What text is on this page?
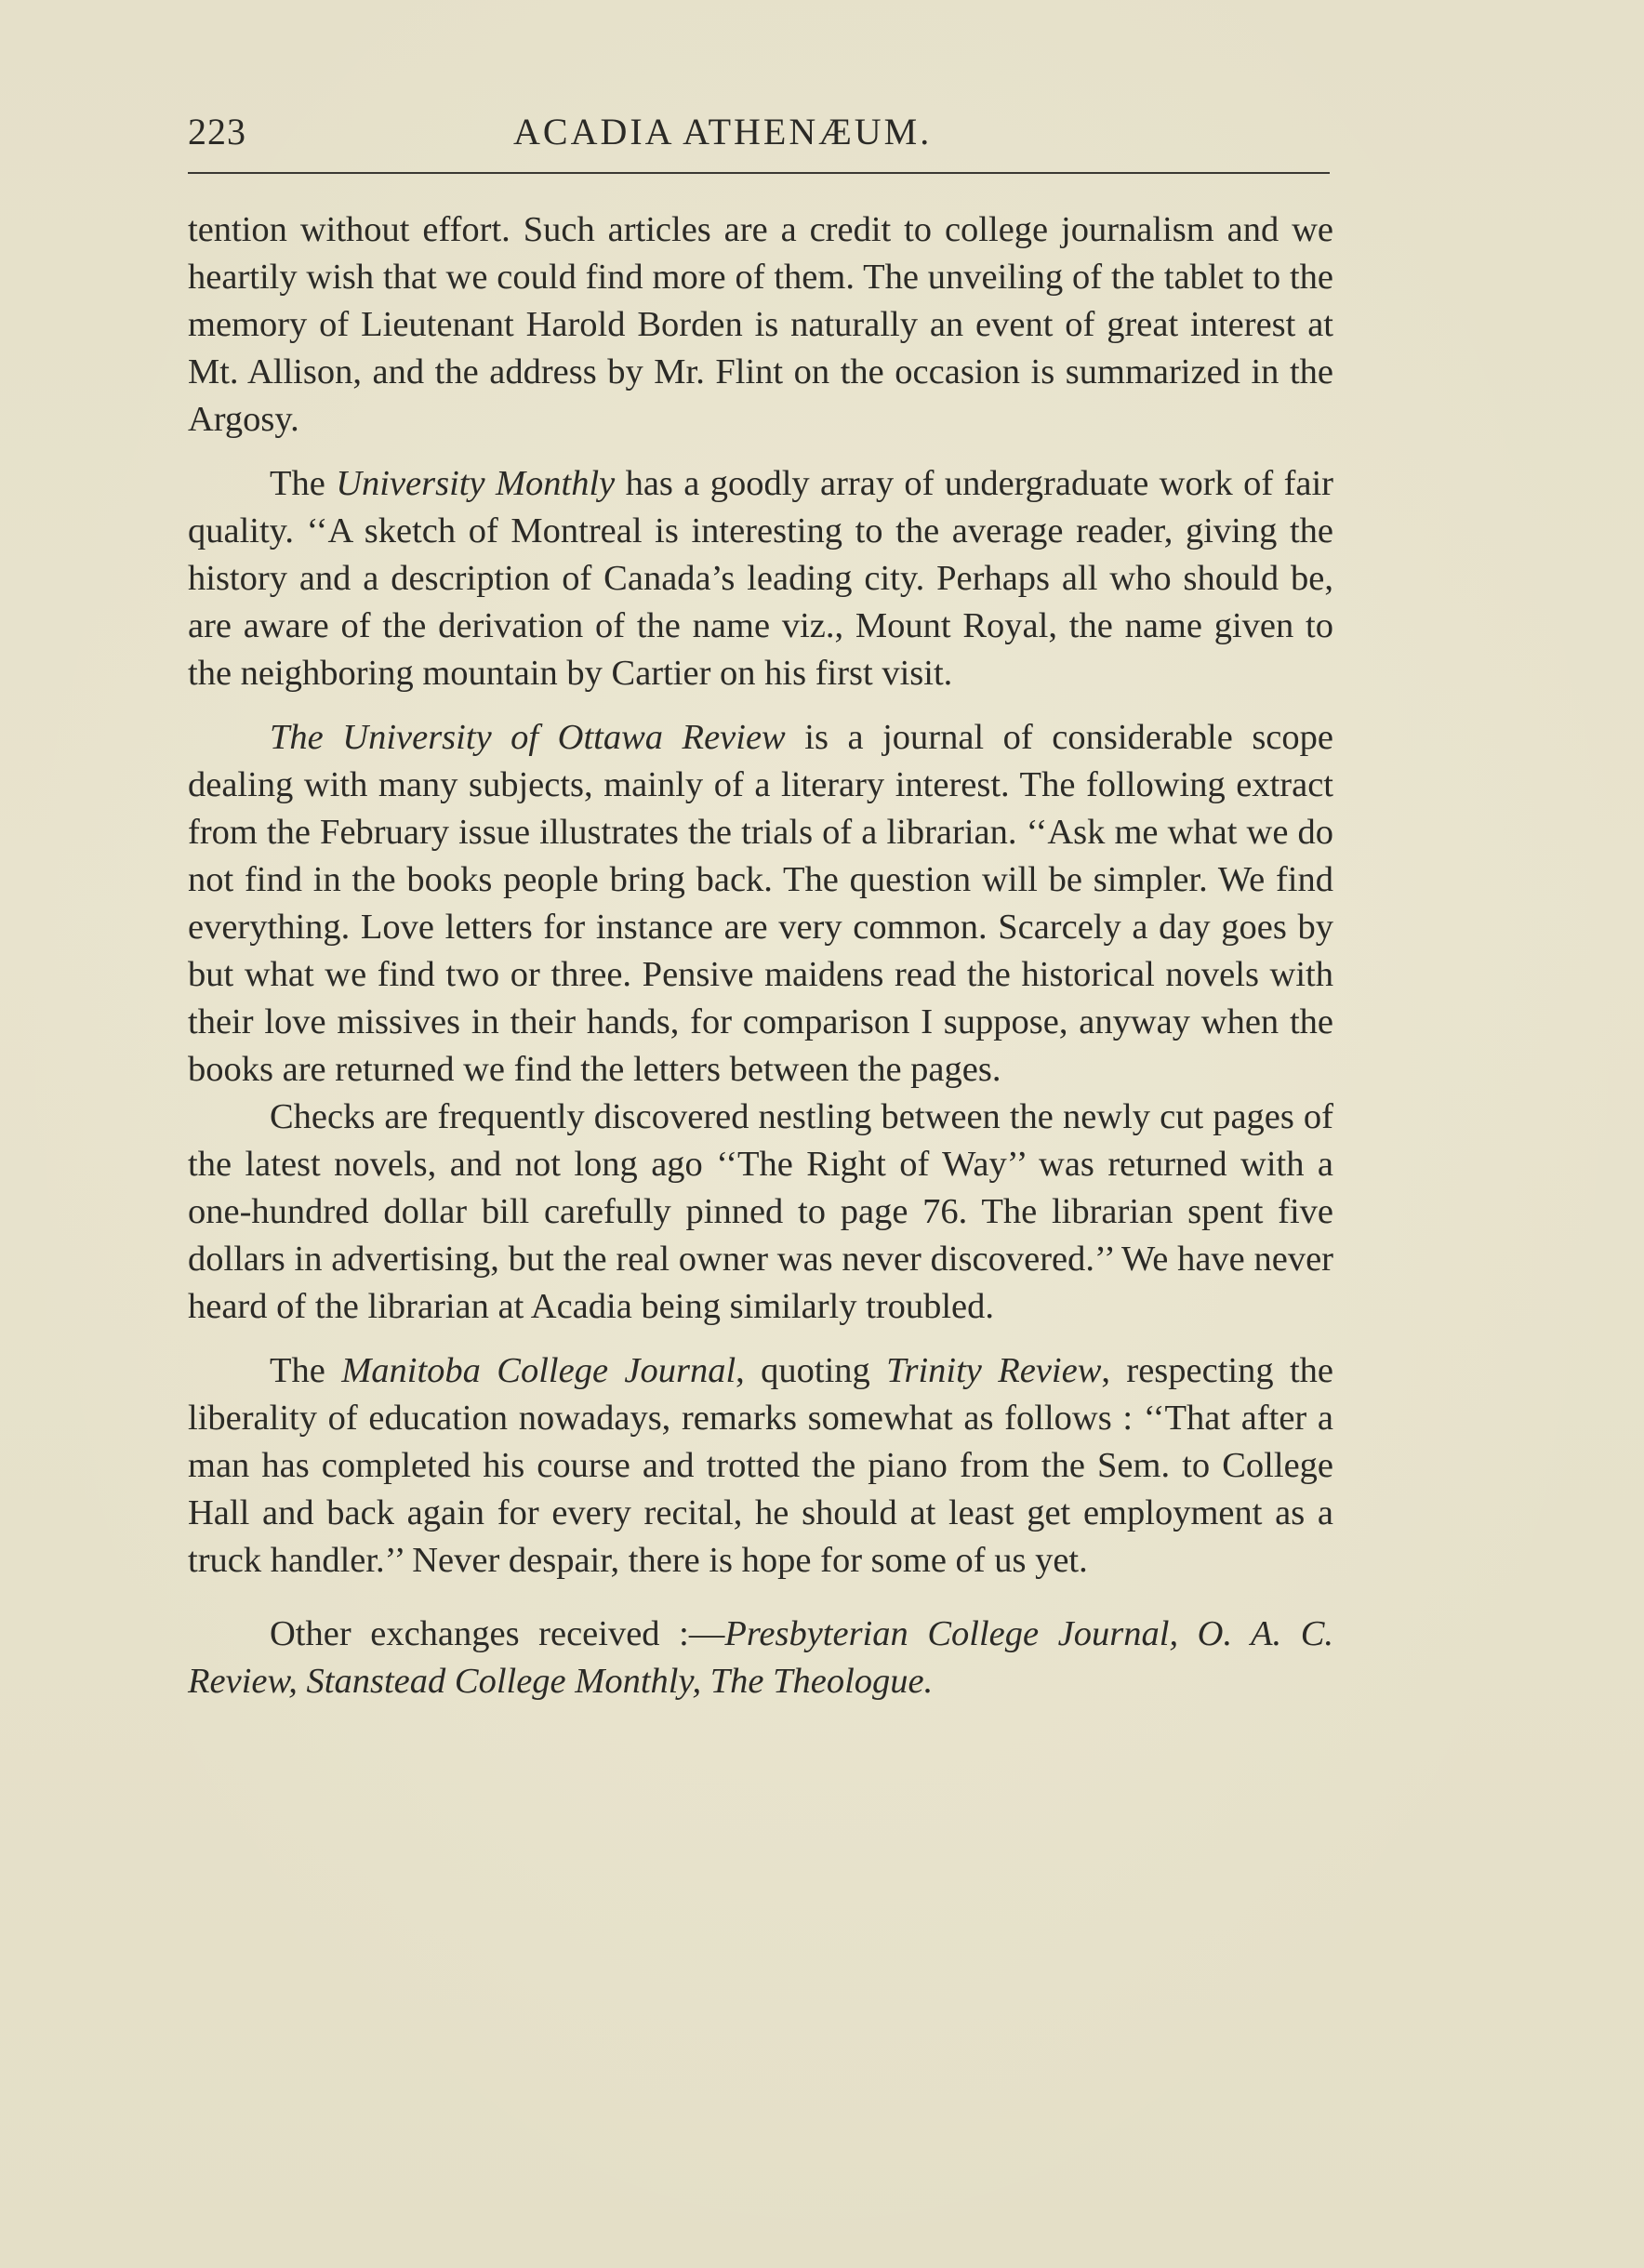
223	ACADIA ATHENÆUM.

tention without effort. Such articles are a credit to college journalism and we heartily wish that we could find more of them. The unveiling of the tablet to the memory of Lieutenant Harold Borden is naturally an event of great interest at Mt. Allison, and the address by Mr. Flint on the occasion is summarized in the Argosy.

The University Monthly has a goodly array of undergraduate work of fair quality. ‘‘A sketch of Montreal is interesting to the average reader, giving the history and a description of Canada’s leading city. Perhaps all who should be, are aware of the derivation of the name viz., Mount Royal, the name given to the neighboring mountain by Cartier on his first visit.

The University of Ottawa Review is a journal of considerable scope dealing with many subjects, mainly of a literary interest. The following extract from the February issue illustrates the trials of a librarian. ‘‘Ask me what we do not find in the books people bring back. The question will be simpler. We find everything. Love letters for instance are very common. Scarcely a day goes by but what we find two or three. Pensive maidens read the historical novels with their love missives in their hands, for comparison I suppose, anyway when the books are returned we find the letters between the pages.

Checks are frequently discovered nestling between the newly cut pages of the latest novels, and not long ago ‘‘The Right of Way’’ was returned with a one-hundred dollar bill carefully pinned to page 76. The librarian spent five dollars in advertising, but the real owner was never discovered.’’ We have never heard of the librarian at Acadia being similarly troubled.

The Manitoba College Journal, quoting Trinity Review, respecting the liberality of education nowadays, remarks somewhat as follows : ‘‘That after a man has completed his course and trotted the piano from the Sem. to College Hall and back again for every recital, he should at least get employment as a truck handler.’’ Never despair, there is hope for some of us yet.

Other exchanges received :—Presbyterian College Journal, O. A. C. Review, Stanstead College Monthly, The Theologue.
